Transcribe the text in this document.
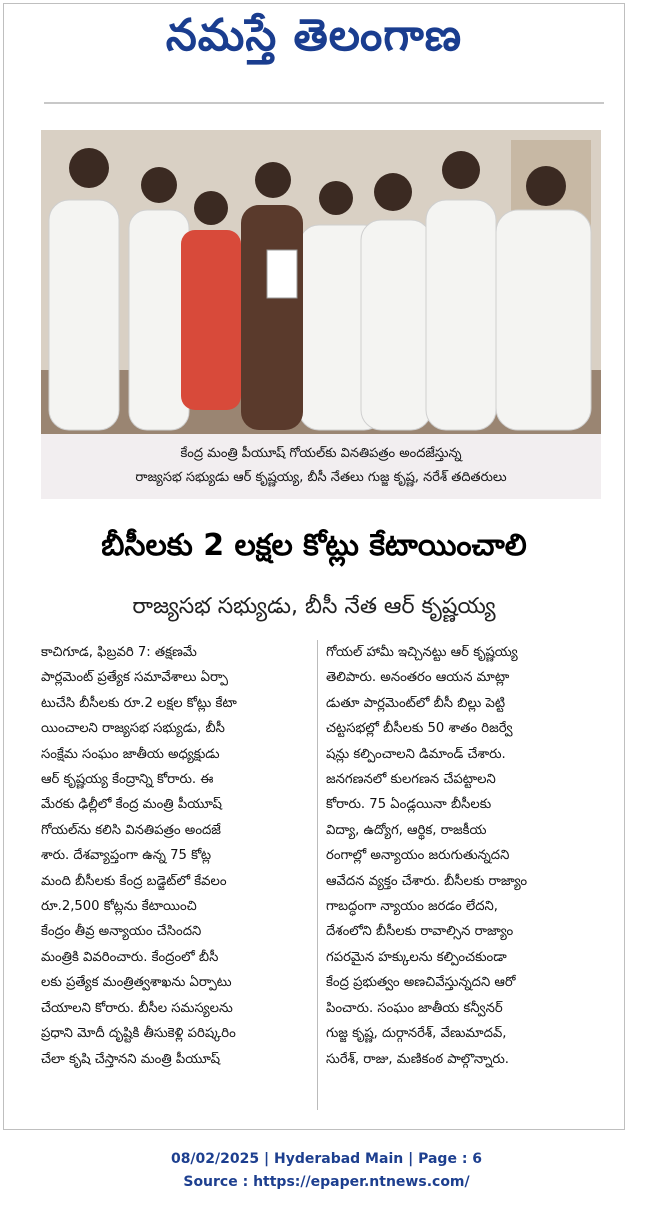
నమస్తే తెలంగాణ
కేంద్ర మంత్రి పీయూష్ గోయల్‌కు వినతిపత్రం అందజేస్తున్న
రాజ్యసభ సభ్యుడు ఆర్ కృష్ణయ్య, బీసీ నేతలు గుజ్జ కృష్ణ, నరేశ్ తదితరులు
బీసీలకు 2 లక్షల కోట్లు కేటాయించాలి
రాజ్యసభ సభ్యుడు, బీసీ నేత ఆర్ కృష్ణయ్య
కాచిగూడ, ఫిబ్రవరి 7: తక్షణమే
పార్లమెంట్ ప్రత్యేక సమావేశాలు ఏర్పా
టుచేసి బీసీలకు రూ.2 లక్షల కోట్లు కేటా
యించాలని రాజ్యసభ సభ్యుడు, బీసీ
సంక్షేమ సంఘం జాతీయ అధ్యక్షుడు
ఆర్ కృష్ణయ్య కేంద్రాన్ని కోరారు. ఈ
మేరకు ఢిల్లీలో కేంద్ర మంత్రి పీయూష్
గోయల్‌ను కలిసి వినతిపత్రం అందజే
శారు. దేశవ్యాప్తంగా ఉన్న 75 కోట్ల
మంది బీసీలకు కేంద్ర బడ్జెట్‌లో కేవలం
రూ.2,500 కోట్లను కేటాయించి
కేంద్రం తీవ్ర అన్యాయం చేసిందని
మంత్రికి వివరించారు. కేంద్రంలో బీసీ
లకు ప్రత్యేక మంత్రిత్వశాఖను ఏర్పాటు
చేయాలని కోరారు. బీసీల సమస్యలను
ప్రధాని మోదీ దృష్టికి తీసుకెళ్లి పరిష్కరిం
చేలా కృషి చేస్తానని మంత్రి పీయూష్
గోయల్ హామీ ఇచ్చినట్టు ఆర్ కృష్ణయ్య
తెలిపారు. అనంతరం ఆయన మాట్లా
డుతూ పార్లమెంట్‌లో బీసీ బిల్లు పెట్టి
చట్టసభల్లో బీసీలకు 50 శాతం రిజర్వే
షన్లు కల్పించాలని డిమాండ్ చేశారు.
జనగణనలో కులగణన చేపట్టాలని
కోరారు. 75 ఏండ్లయినా బీసీలకు
విద్యా, ఉద్యోగ, ఆర్థిక, రాజకీయ
రంగాల్లో అన్యాయం జరుగుతున్నదని
ఆవేదన వ్యక్తం చేశారు. బీసీలకు రాజ్యాం
గాబద్ధంగా న్యాయం జరడం లేదని,
దేశంలోని బీసీలకు రావాల్సిన రాజ్యాం
గపరమైన హక్కులను కల్పించకుండా
కేంద్ర ప్రభుత్వం అణచివేస్తున్నదని ఆరో
పించారు. సంఘం జాతీయ కన్వీనర్
గుజ్జ కృష్ణ, దుర్గానరేశ్, వేణుమాదవ్,
సురేశ్, రాజు, మణికంఠ పాల్గొన్నారు.
08/02/2025 | Hyderabad Main | Page : 6
Source : https://epaper.ntnews.com/
